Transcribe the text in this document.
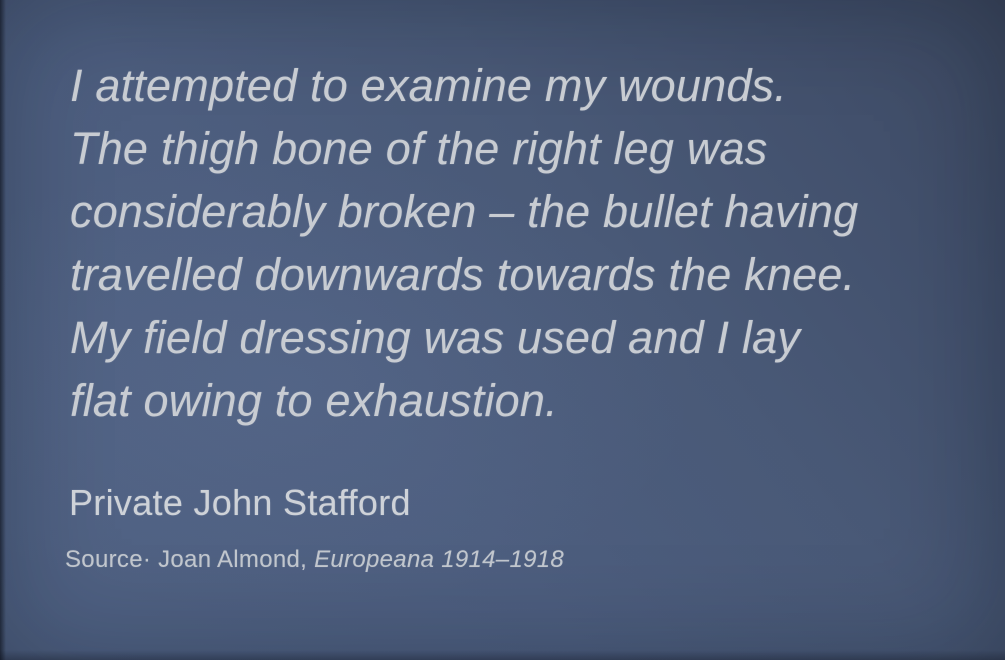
I attempted to examine my wounds.
The thigh bone of the right leg was
considerably broken – the bullet having
travelled downwards towards the knee.
My field dressing was used and I lay
flat owing to exhaustion.
Private John Stafford
Source· Joan Almond, Europeana 1914–1918
